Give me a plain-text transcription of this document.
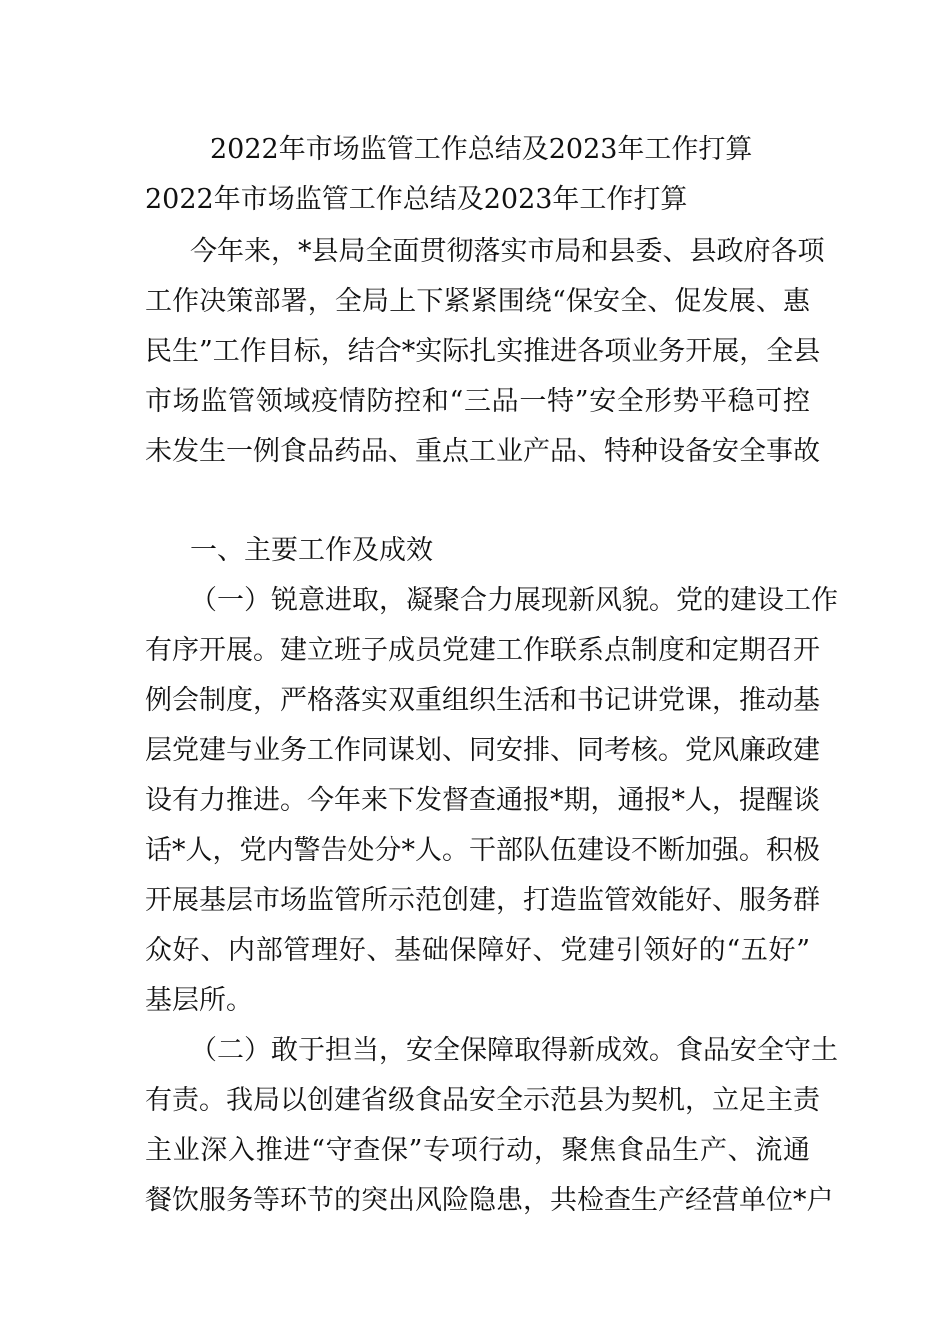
2022年市场监管工作总结及2023年工作打算
2022年市场监管工作总结及2023年工作打算
今年来，*县局全面贯彻落实市局和县委、县政府各项
工作决策部署，全局上下紧紧围绕“保安全、促发展、惠
民生”工作目标，结合*实际扎实推进各项业务开展，全县
市场监管领域疫情防控和“三品一特”安全形势平稳可控
未发生一例食品药品、重点工业产品、特种设备安全事故
一、主要工作及成效
（一）锐意进取，凝聚合力展现新风貌。党的建设工作
有序开展。建立班子成员党建工作联系点制度和定期召开
例会制度，严格落实双重组织生活和书记讲党课，推动基
层党建与业务工作同谋划、同安排、同考核。党风廉政建
设有力推进。今年来下发督查通报*期，通报*人，提醒谈
话*人，党内警告处分*人。干部队伍建设不断加强。积极
开展基层市场监管所示范创建，打造监管效能好、服务群
众好、内部管理好、基础保障好、党建引领好的“五好”
基层所。
（二）敢于担当，安全保障取得新成效。食品安全守土
有责。我局以创建省级食品安全示范县为契机，立足主责
主业深入推进“守查保”专项行动，聚焦食品生产、流通
餐饮服务等环节的突出风险隐患，共检查生产经营单位*户
